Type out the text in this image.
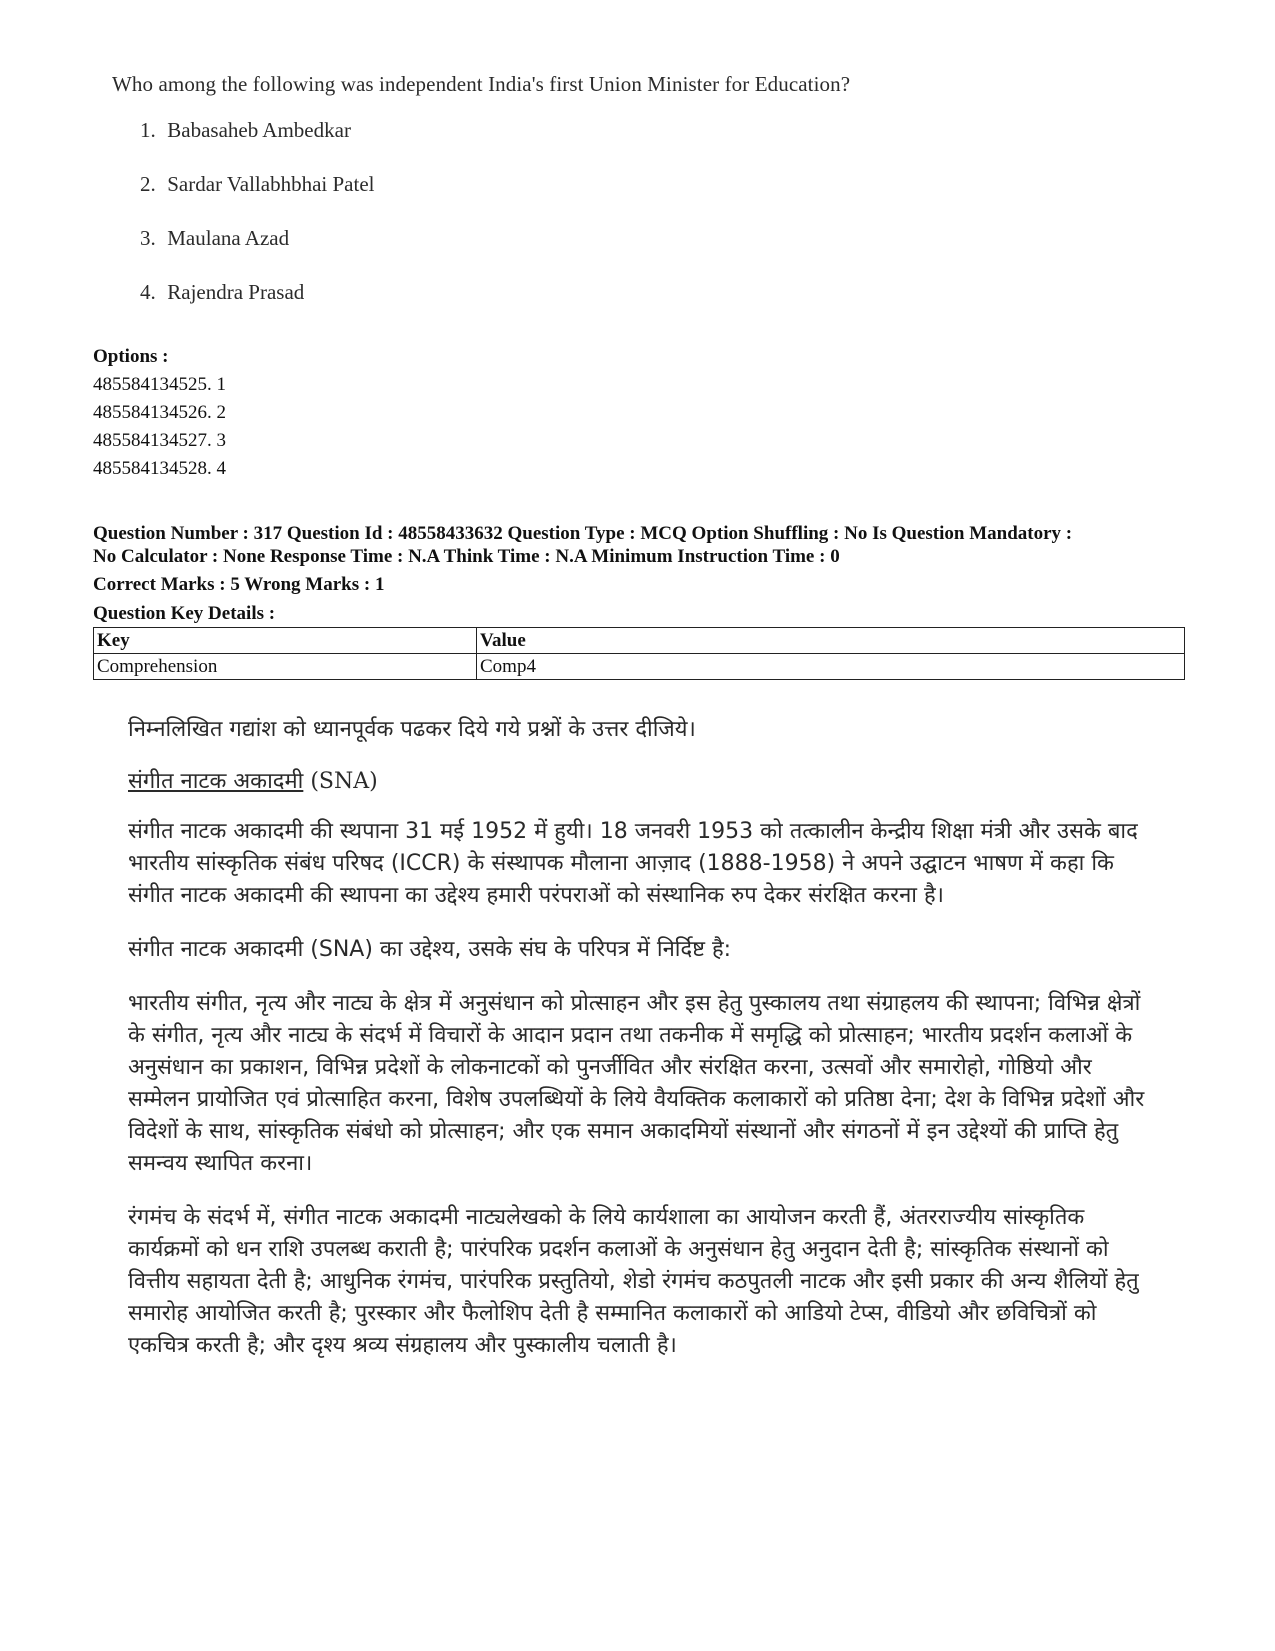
Who among the following was independent India's first Union Minister for Education?

1. Babasaheb Ambedkar
2. Sardar Vallabhbhai Patel
3. Maulana Azad
4. Rajendra Prasad
Options :
485584134525. 1
485584134526. 2
485584134527. 3
485584134528. 4
Question Number : 317 Question Id : 48558433632 Question Type : MCQ Option Shuffling : No Is Question Mandatory :
No Calculator : None Response Time : N.A Think Time : N.A Minimum Instruction Time : 0
Correct Marks : 5 Wrong Marks : 1
Question Key Details :
Key	Value
Comprehension	Comp4

निम्नलिखित गद्यांश को ध्यानपूर्वक पढकर दिये गये प्रश्नों के उत्तर दीजिये।

संगीत नाटक अकादमी (SNA)

संगीत नाटक अकादमी की स्थपाना 31 मई 1952 में हुयी। 18 जनवरी 1953 को तत्कालीन केन्द्रीय शिक्षा मंत्री और उसके बाद भारतीय सांस्कृतिक संबंध परिषद (ICCR) के संस्थापक मौलाना आज़ाद (1888-1958) ने अपने उद्घाटन भाषण में कहा कि संगीत नाटक अकादमी की स्थापना का उद्देश्य हमारी परंपराओं को संस्थानिक रुप देकर संरक्षित करना है।

संगीत नाटक अकादमी (SNA) का उद्देश्य, उसके संघ के परिपत्र में निर्दिष्ट है:

भारतीय संगीत, नृत्य और नाट्य के क्षेत्र में अनुसंधान को प्रोत्साहन और इस हेतु पुस्कालय तथा संग्राहलय की स्थापना; विभिन्न क्षेत्रों के संगीत, नृत्य और नाट्य के संदर्भ में विचारों के आदान प्रदान तथा तकनीक में समृद्धि को प्रोत्साहन; भारतीय प्रदर्शन कलाओं के अनुसंधान का प्रकाशन, विभिन्न प्रदेशों के लोकनाटकों को पुनर्जीवित और संरक्षित करना, उत्सवों और समारोहो, गोष्ठियो और सम्मेलन प्रायोजित एवं प्रोत्साहित करना, विशेष उपलब्धियों के लिये वैयक्तिक कलाकारों को प्रतिष्ठा देना; देश के विभिन्न प्रदेशों और विदेशों के साथ, सांस्कृतिक संबंधो को प्रोत्साहन; और एक समान अकादमियों संस्थानों और संगठनों में इन उद्देश्यों की प्राप्ति हेतु समन्वय स्थापित करना।

रंगमंच के संदर्भ में, संगीत नाटक अकादमी नाट्यलेखको के लिये कार्यशाला का आयोजन करती हैं, अंतरराज्यीय सांस्कृतिक कार्यक्रमों को धन राशि उपलब्ध कराती है; पारंपरिक प्रदर्शन कलाओं के अनुसंधान हेतु अनुदान देती है; सांस्कृतिक संस्थानों को वित्तीय सहायता देती है; आधुनिक रंगमंच, पारंपरिक प्रस्तुतियो, शेडो रंगमंच कठपुतली नाटक और इसी प्रकार की अन्य शैलियों हेतु समारोह आयोजित करती है; पुरस्कार और फैलोशिप देती है सम्मानित कलाकारों को आडियो टेप्स, वीडियो और छविचित्रों को एकचित्र करती है; और दृश्य श्रव्य संग्रहालय और पुस्कालीय चलाती है।
